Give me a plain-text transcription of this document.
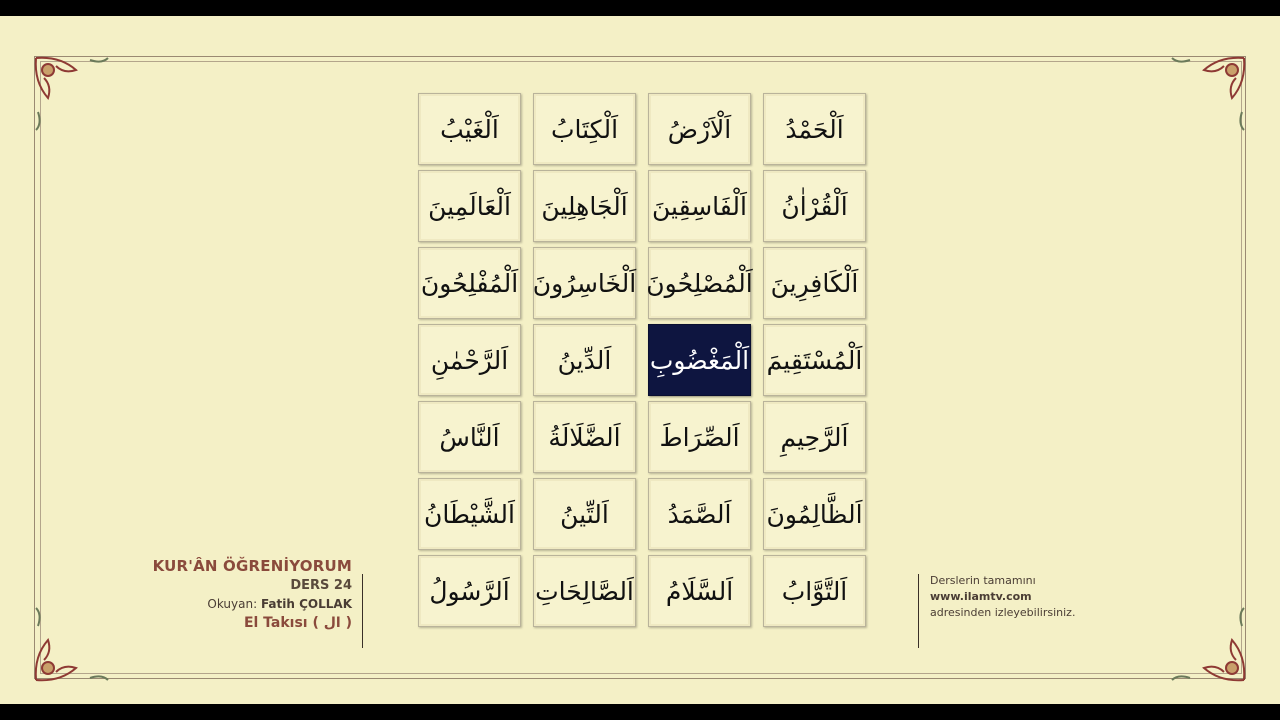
اَلْحَمْدُ
اَلْاَرْضُ
اَلْكِتَابُ
اَلْغَيْبُ
اَلْقُرْاٰنُ
اَلْفَاسِقِينَ
اَلْجَاهِلِينَ
اَلْعَالَمِينَ
اَلْكَافِرِينَ
اَلْمُصْلِحُونَ
اَلْخَاسِرُونَ
اَلْمُفْلِحُونَ
اَلْمُسْتَقِيمَ
اَلْمَغْضُوبِ
اَلدِّينُ
اَلرَّحْمٰنِ
اَلرَّحِيمِ
اَلصِّرَاطَ
اَلضَّلَالَةُ
اَلنَّاسُ
اَلظَّالِمُونَ
اَلصَّمَدُ
اَلتِّينُ
اَلشَّيْطَانُ
اَلتَّوَّابُ
اَلسَّلَامُ
اَلصَّالِحَاتِ
اَلرَّسُولُ
KUR'ÂN ÖĞRENİYORUM
DERS 24
Okuyan: Fatih ÇOLLAK
El Takısı ( ال )
Derslerin tamamını
www.ilamtv.com
adresinden izleyebilirsiniz.
